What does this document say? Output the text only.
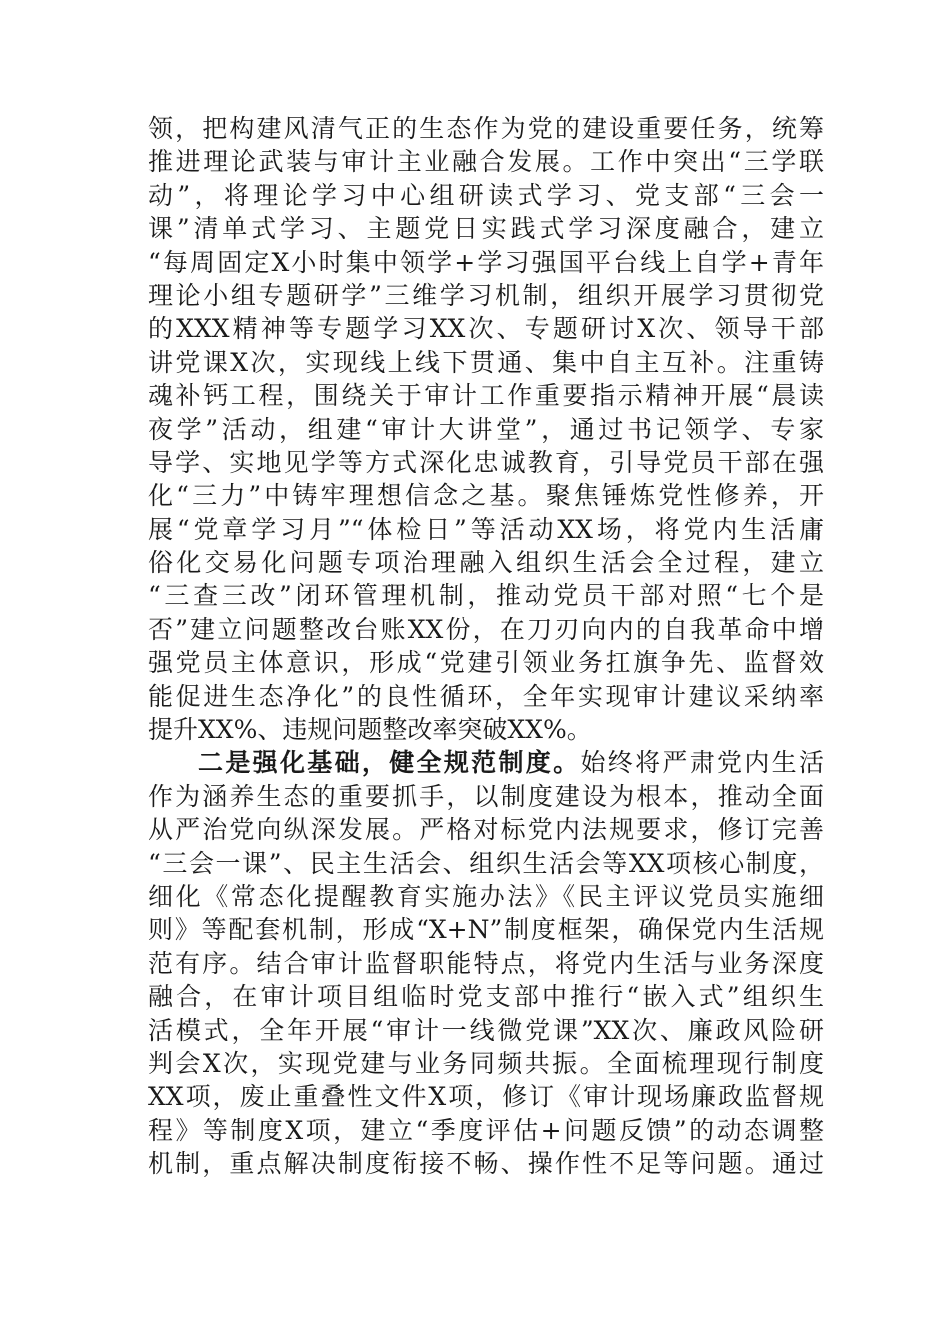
领，把构建风清气正的生态作为党的建设重要任务，统筹
推进理论武装与审计主业融合发展。工作中突出“三学联
动”，将理论学习中心组研读式学习、党支部“三会一
课”清单式学习、主题党日实践式学习深度融合，建立
“每周固定X小时集中领学+学习强国平台线上自学+青年
理论小组专题研学”三维学习机制，组织开展学习贯彻党
的XXX精神等专题学习XX次、专题研讨X次、领导干部
讲党课X次，实现线上线下贯通、集中自主互补。注重铸
魂补钙工程，围绕关于审计工作重要指示精神开展“晨读
夜学”活动，组建“审计大讲堂”，通过书记领学、专家
导学、实地见学等方式深化忠诚教育，引导党员干部在强
化“三力”中铸牢理想信念之基。聚焦锤炼党性修养，开
展“党章学习月”“体检日”等活动XX场，将党内生活庸
俗化交易化问题专项治理融入组织生活会全过程，建立
“三查三改”闭环管理机制，推动党员干部对照“七个是
否”建立问题整改台账XX份，在刀刃向内的自我革命中增
强党员主体意识，形成“党建引领业务扛旗争先、监督效
能促进生态净化”的良性循环，全年实现审计建议采纳率
提升XX%、违规问题整改率突破XX%。
二是强化基础，健全规范制度。始终将严肃党内生活
作为涵养生态的重要抓手，以制度建设为根本，推动全面
从严治党向纵深发展。严格对标党内法规要求，修订完善
“三会一课”、民主生活会、组织生活会等XX项核心制度，
细化《常态化提醒教育实施办法》《民主评议党员实施细
则》等配套机制，形成“X+N”制度框架，确保党内生活规
范有序。结合审计监督职能特点，将党内生活与业务深度
融合，在审计项目组临时党支部中推行“嵌入式”组织生
活模式，全年开展“审计一线微党课”XX次、廉政风险研
判会X次，实现党建与业务同频共振。全面梳理现行制度
XX项，废止重叠性文件X项，修订《审计现场廉政监督规
程》等制度X项，建立“季度评估+问题反馈”的动态调整
机制，重点解决制度衔接不畅、操作性不足等问题。通过
